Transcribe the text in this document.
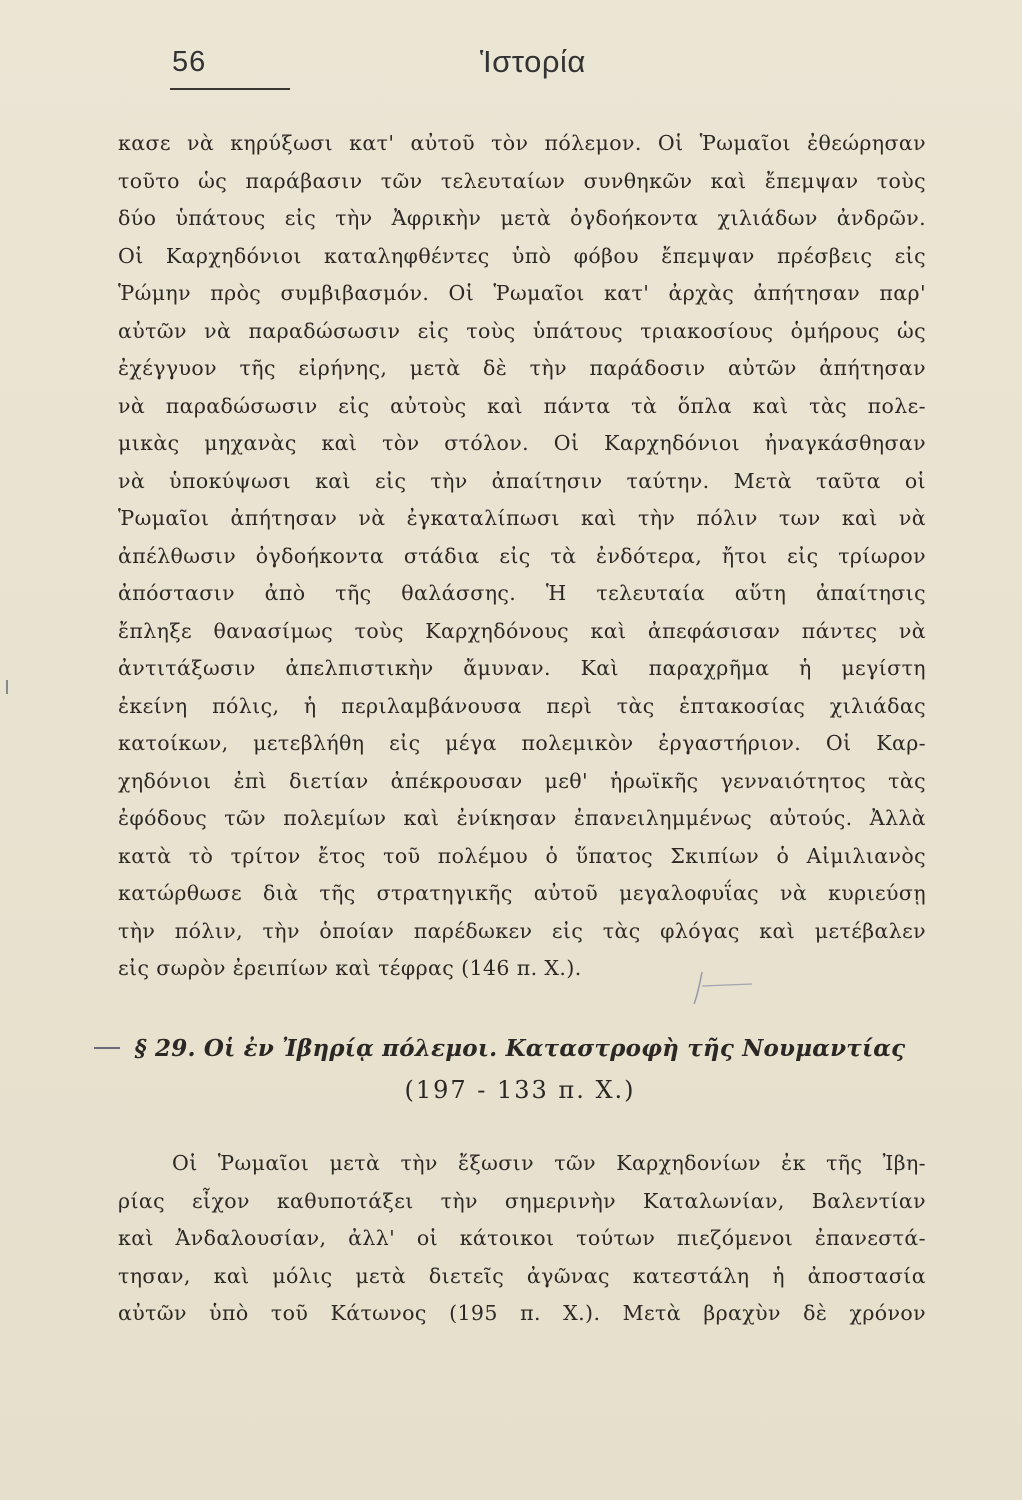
56	Ἱστορία
κασε νὰ κηρύξωσι κατ' αὐτοῦ τὸν πόλεμον. Οἱ Ῥωμαῖοι ἐθεώρησαν
τοῦτο ὡς παράβασιν τῶν τελευταίων συνθηκῶν καὶ ἔπεμψαν τοὺς
δύο ὑπάτους εἰς τὴν Ἀφρικὴν μετὰ ὀγδοήκοντα χιλιάδων ἀνδρῶν.
Οἱ Καρχηδόνιοι καταληφθέντες ὑπὸ φόβου ἔπεμψαν πρέσβεις εἰς
Ῥώμην πρὸς συμβιβασμόν. Οἱ Ῥωμαῖοι κατ' ἀρχὰς ἀπήτησαν παρ'
αὐτῶν νὰ παραδώσωσιν εἰς τοὺς ὑπάτους τριακοσίους ὁμήρους ὡς
ἐχέγγυον τῆς εἰρήνης, μετὰ δὲ τὴν παράδοσιν αὐτῶν ἀπήτησαν
νὰ παραδώσωσιν εἰς αὐτοὺς καὶ πάντα τὰ ὅπλα καὶ τὰς πολε-
μικὰς μηχανὰς καὶ τὸν στόλον. Οἱ Καρχηδόνιοι ἠναγκάσθησαν
νὰ ὑποκύψωσι καὶ εἰς τὴν ἀπαίτησιν ταύτην. Μετὰ ταῦτα οἱ
Ῥωμαῖοι ἀπήτησαν νὰ ἐγκαταλίπωσι καὶ τὴν πόλιν των καὶ νὰ
ἀπέλθωσιν ὀγδοήκοντα στάδια εἰς τὰ ἐνδότερα, ἤτοι εἰς τρίωρον
ἀπόστασιν ἀπὸ τῆς θαλάσσης. Ἡ τελευταία αὕτη ἀπαίτησις
ἔπληξε θανασίμως τοὺς Καρχηδόνους καὶ ἀπεφάσισαν πάντες νὰ
ἀντιτάξωσιν ἀπελπιστικὴν ἄμυναν. Καὶ παραχρῆμα ἡ μεγίστη
ἐκείνη πόλις, ἡ περιλαμβάνουσα περὶ τὰς ἑπτακοσίας χιλιάδας
κατοίκων, μετεβλήθη εἰς μέγα πολεμικὸν ἐργαστήριον. Οἱ Καρ-
χηδόνιοι ἐπὶ διετίαν ἀπέκρουσαν μεθ' ἡρωϊκῆς γενναιότητος τὰς
ἐφόδους τῶν πολεμίων καὶ ἐνίκησαν ἐπανειλημμένως αὐτούς. Ἀλλὰ
κατὰ τὸ τρίτον ἔτος τοῦ πολέμου ὁ ὕπατος Σκιπίων ὁ Αἰμιλιανὸς
κατώρθωσε διὰ τῆς στρατηγικῆς αὐτοῦ μεγαλοφυΐας νὰ κυριεύσῃ
τὴν πόλιν, τὴν ὁποίαν παρέδωκεν εἰς τὰς φλόγας καὶ μετέβαλεν
εἰς σωρὸν ἐρειπίων καὶ τέφρας (146 π. Χ.).
§ 29. Οἱ ἐν Ἰβηρίᾳ πόλεμοι. Καταστροφὴ τῆς Νουμαντίας
(197 - 133 π. Χ.)
Οἱ Ῥωμαῖοι μετὰ τὴν ἔξωσιν τῶν Καρχηδονίων ἐκ τῆς Ἰβη-
ρίας εἶχον καθυποτάξει τὴν σημερινὴν Καταλωνίαν, Βαλεντίαν
καὶ Ἀνδαλουσίαν, ἀλλ' οἱ κάτοικοι τούτων πιεζόμενοι ἐπανεστά-
τησαν, καὶ μόλις μετὰ διετεῖς ἀγῶνας κατεστάλη ἡ ἀποστασία
αὐτῶν ὑπὸ τοῦ Κάτωνος (195 π. Χ.). Μετὰ βραχὺν δὲ χρόνον
